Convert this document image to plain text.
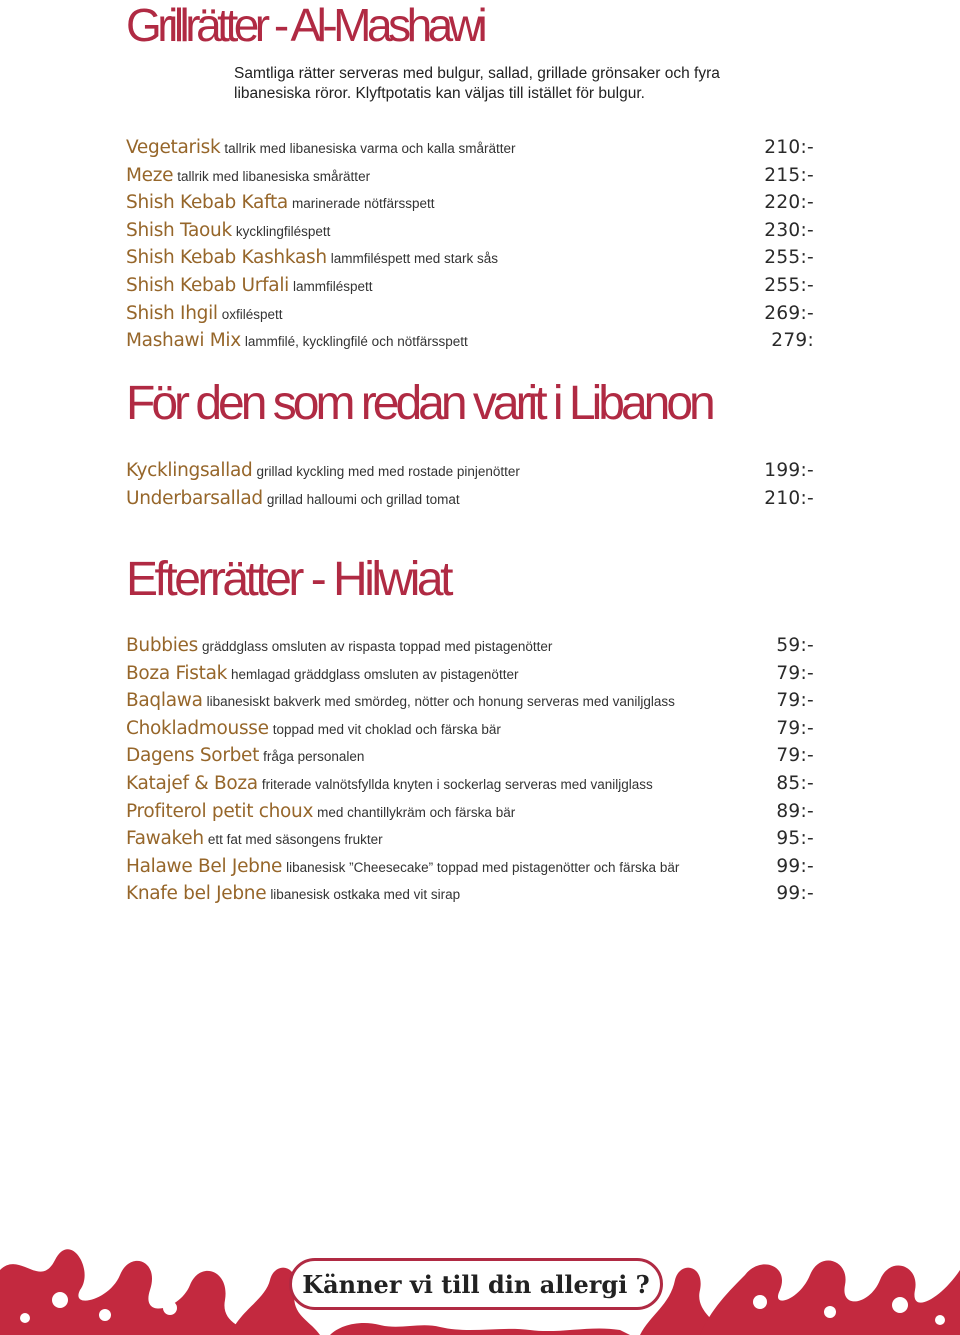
Grillrätter - Al-Mashawi

Samtliga rätter serveras med bulgur, sallad, grillade grönsaker och fyra libanesiska röror. Klyftpotatis kan väljas till istället för bulgur.

Vegetarisk tallrik med libanesiska varma och kalla smårätter	210:-
Meze tallrik med libanesiska smårätter	215:-
Shish Kebab Kafta marinerade nötfärsspett	220:-
Shish Taouk kycklingfiléspett	230:-
Shish Kebab Kashkash lammfiléspett med stark sås	255:-
Shish Kebab Urfali lammfiléspett	255:-
Shish Ihgil oxfiléspett	269:-
Mashawi Mix lammfilé, kycklingfilé och nötfärsspett	279:
För den som redan varit i Libanon
Kycklingsallad grillad kyckling med med rostade pinjenötter	199:-
Underbarsallad grillad halloumi och grillad tomat	210:-
Efterrätter - Hilwiat
Bubbies gräddglass omsluten av rispasta toppad med pistagenötter	59:-
Boza Fistak hemlagad gräddglass omsluten av pistagenötter	79:-
Baqlawa libanesiskt bakverk med smördeg, nötter och honung serveras med vaniljglass	79:-
Chokladmousse toppad med vit choklad och färska bär	79:-
Dagens Sorbet fråga personalen	79:-
Katajef & Boza friterade valnötsfyllda knyten i sockerlag serveras med vaniljglass	85:-
Profiterol petit choux med chantillykräm och färska bär	89:-
Fawakeh ett fat med säsongens frukter	95:-
Halawe Bel Jebne libanesisk ”Cheesecake” toppad med pistagenötter och färska bär	99:-
Knafe bel Jebne libanesisk ostkaka med vit sirap	99:-
Känner vi till din allergi ?
